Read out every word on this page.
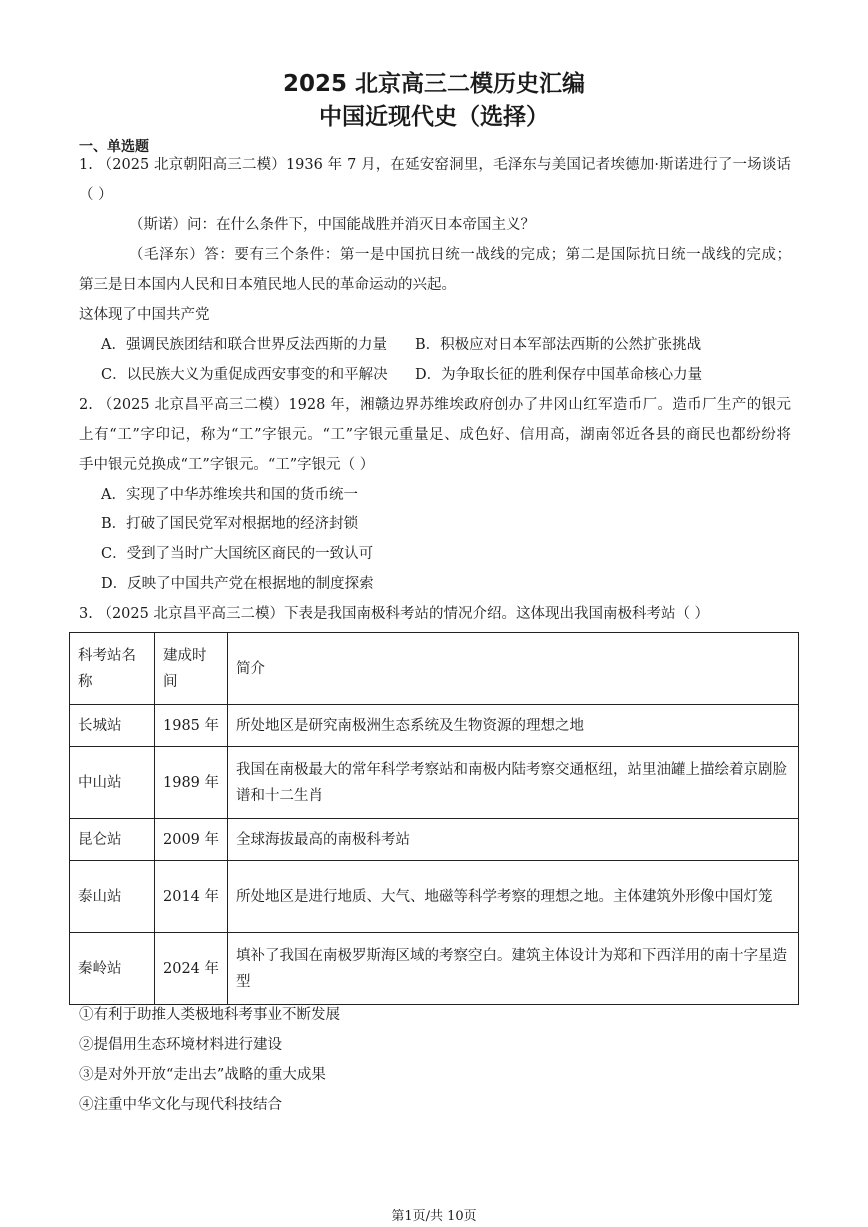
2025 北京高三二模历史汇编
中国近现代史（选择）
一、单选题
1. （2025 北京朝阳高三二模）1936 年 7 月，在延安窑洞里，毛泽东与美国记者埃德加·斯诺进行了一场谈话
（ ）
（斯诺）问：在什么条件下，中国能战胜并消灭日本帝国主义？
（毛泽东）答：要有三个条件：第一是中国抗日统一战线的完成；第二是国际抗日统一战线的完成；
第三是日本国内人民和日本殖民地人民的革命运动的兴起。
这体现了中国共产党
A．强调民族团结和联合世界反法西斯的力量	B．积极应对日本军部法西斯的公然扩张挑战
C．以民族大义为重促成西安事变的和平解决	D．为争取长征的胜利保存中国革命核心力量
2. （2025 北京昌平高三二模）1928 年，湘赣边界苏维埃政府创办了井冈山红军造币厂。造币厂生产的银元
上有“工”字印记，称为“工”字银元。“工”字银元重量足、成色好、信用高，湖南邻近各县的商民也都纷纷将
手中银元兑换成“工”字银元。“工”字银元（ ）
A．实现了中华苏维埃共和国的货币统一
B．打破了国民党军对根据地的经济封锁
C．受到了当时广大国统区商民的一致认可
D．反映了中国共产党在根据地的制度探索
3. （2025 北京昌平高三二模）下表是我国南极科考站的情况介绍。这体现出我国南极科考站（ ）
科考站名称	建成时间	简介
长城站	1985 年	所处地区是研究南极洲生态系统及生物资源的理想之地
中山站	1989 年	我国在南极最大的常年科学考察站和南极内陆考察交通枢纽，站里油罐上描绘着京剧脸谱和十二生肖
昆仑站	2009 年	全球海拔最高的南极科考站
泰山站	2014 年	所处地区是进行地质、大气、地磁等科学考察的理想之地。主体建筑外形像中国灯笼
秦岭站	2024 年	填补了我国在南极罗斯海区域的考察空白。建筑主体设计为郑和下西洋用的南十字星造型
①有利于助推人类极地科考事业不断发展
②提倡用生态环境材料进行建设
③是对外开放“走出去”战略的重大成果
④注重中华文化与现代科技结合
第1页/共 10页
